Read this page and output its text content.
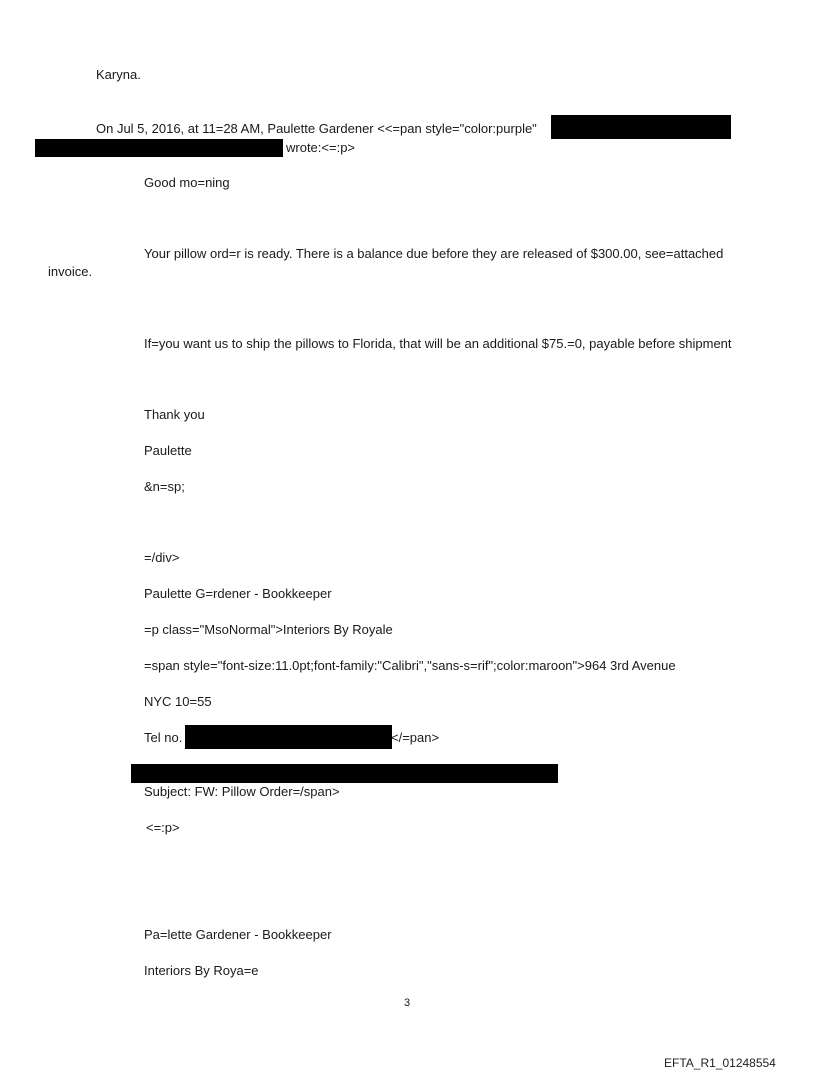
Karyna.
On Jul 5, 2016, at 11=28 AM, Paulette Gardener <<=pan style="color:purple"
wrote:<=:p>
Good mo=ning
Your pillow ord=r is ready. There is a balance due before they are released of $300.00, see=attached
invoice.
If=you want us to ship the pillows to Florida, that will be an additional $75.=0, payable before shipment
Thank you
Paulette
&n=sp;
=/div>
Paulette G=rdener - Bookkeeper
=p class="MsoNormal">Interiors By Royale
=span style="font-size:11.0pt;font-family:"Calibri","sans-s=rif";color:maroon">964 3rd Avenue
NYC 10=55
Tel no.	</=pan>
Subject: FW: Pillow Order=/span>
<=:p>
Pa=lette Gardener - Bookkeeper
Interiors By Roya=e
3
EFTA_R1_01248554
